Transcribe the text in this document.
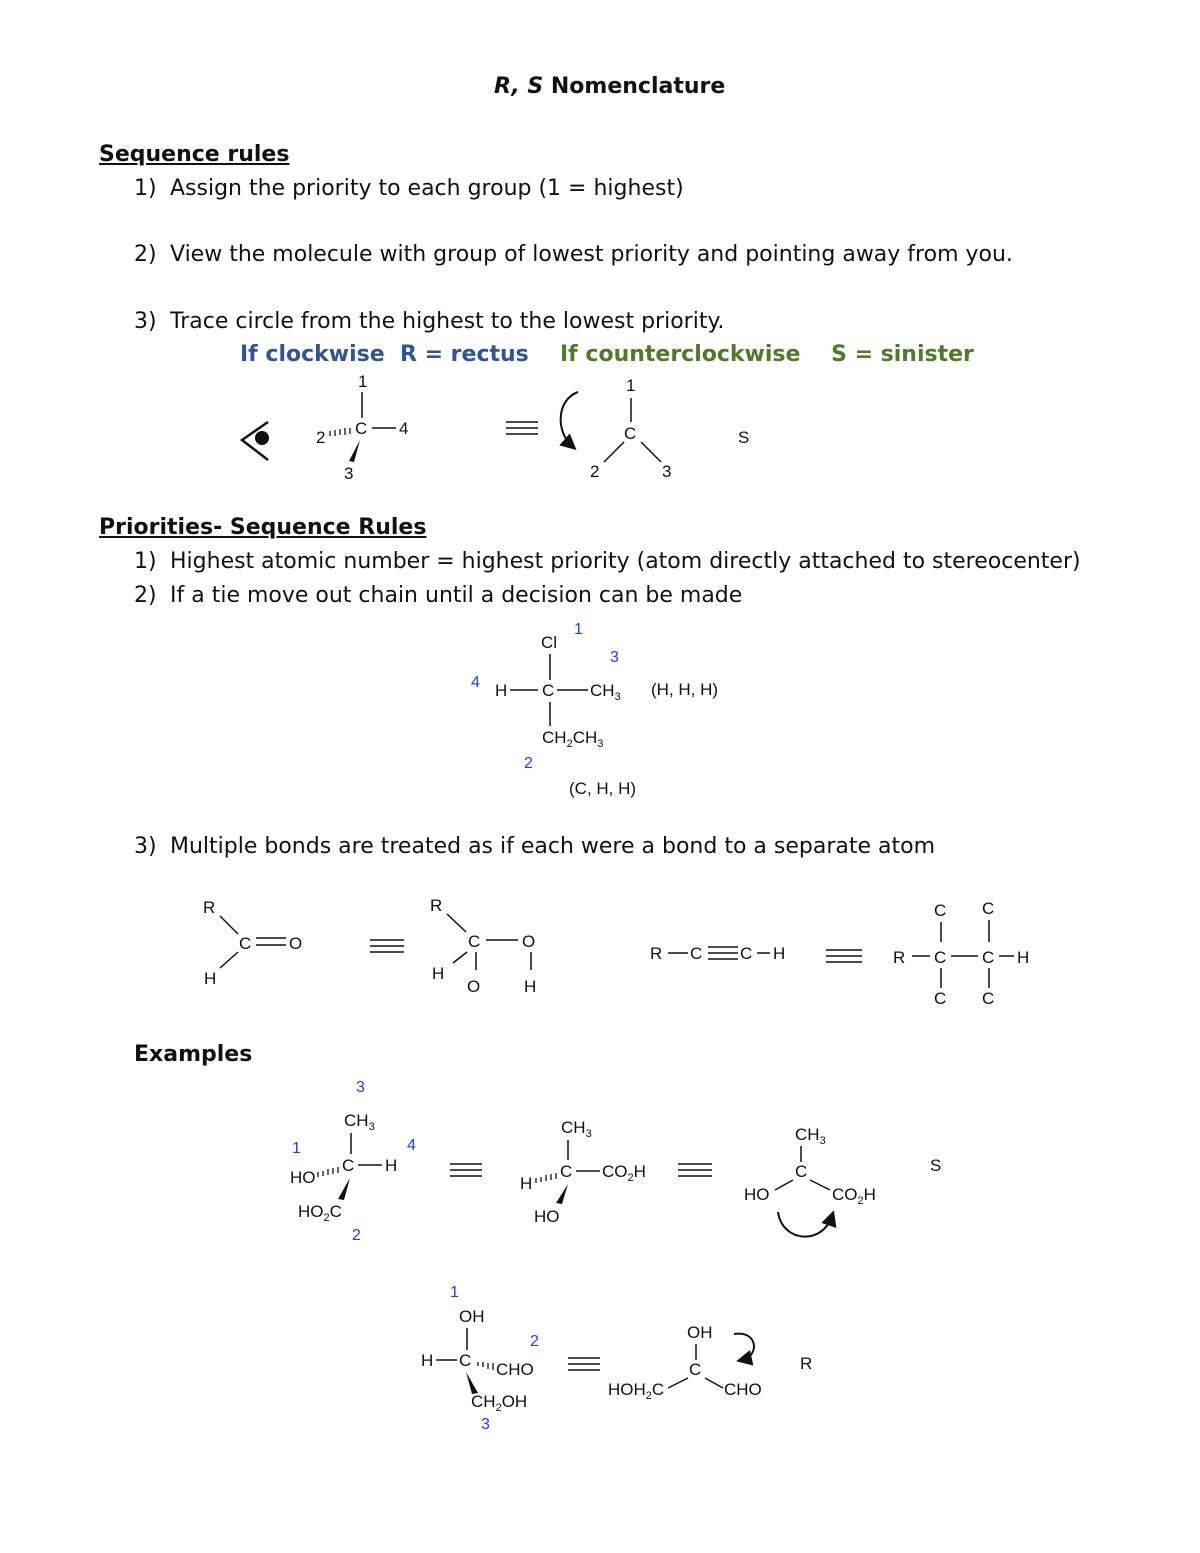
R, S Nomenclature
Sequence rules
1) Assign the priority to each group (1 = highest)
2) View the molecule with group of lowest priority and pointing away from you.
3) Trace circle from the highest to the lowest priority.
If clockwise  R = rectus If counterclockwise    S = sinister
Priorities- Sequence Rules
1) Highest atomic number = highest priority (atom directly attached to stereocenter)
2) If a tie move out chain until a decision can be made
3) Multiple bonds are treated as if each were a bond to a separate atom
Examples
1
C 4
2
3
1
C
2	3
S
1
Cl
3
4 H C $CH_3$
$CH_2CH_3$
2
(H, H, H)
(C, H, H)
R
C O
H
R
C O
H
O
H
R C C H	R
C
C
C
C
C
C
H
3
$CH_3$
1	4
HO
C H
$HO_2C$
2
$CH_3$
H
C $CO_2H$
HO
$CH_3$
C
HO	$CO_2H$
S
1
OH
2
H C CHO
$CH_2OH$
3
OH
C
$HOH_2C$	CHO
R
